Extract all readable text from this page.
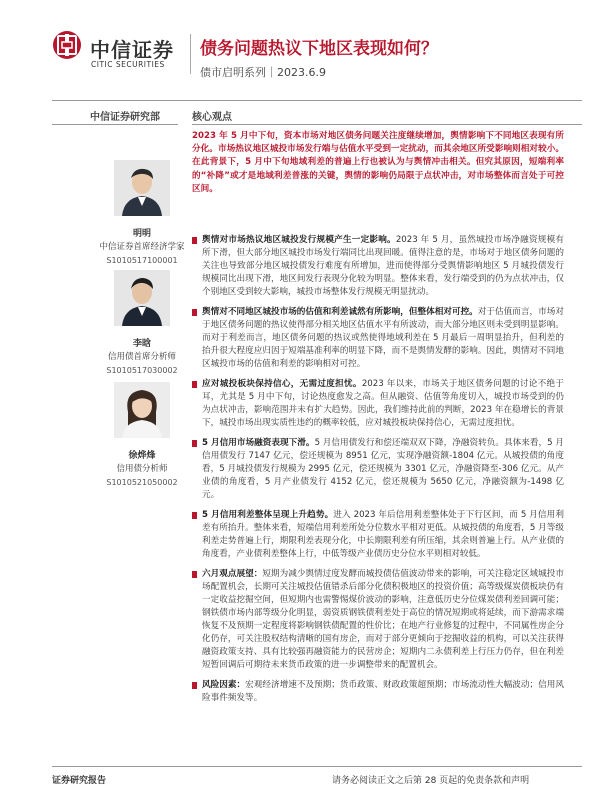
中信证券
CITIC SECURITIES
债务问题热议下地区表现如何？
债市启明系列｜2023.6.9
中信证券研究部	核心观点
2023 年 5 月中下旬，资本市场对地区债务问题关注度继续增加，舆情影响下不同地区表现有所分化。市场热议地区城投市场发行端与估值水平受到一定扰动，而其余地区所受影响则相对较小。在此背景下，5 月中下旬地域利差的普遍上行也被认为与舆情冲击相关。但究其原因，短端利率的“补降”或才是地域利差普涨的关键，舆情的影响仍局限于点状冲击，对市场整体而言处于可控区间。
舆情对市场热议地区城投发行规模产生一定影响。2023 年 5 月，虽然城投市场净融资规模有所下滑，但大部分地区城投市场发行端同比出现回暖。值得注意的是，市场对于地区债务问题的关注也导致部分地区城投债发行难度有所增加，进而使得部分受舆情影响地区 5 月城投债发行规模同比出现下滑，地区间发行表现分化较为明显。整体来看，发行端受到的仍为点状冲击，仅个别地区受到较大影响，城投市场整体发行规模无明显扰动。
舆情对不同地区城投市场的估值和利差诚然有所影响，但整体相对可控。对于估值而言，市场对于地区债务问题的热议使得部分相关地区估值水平有所波动，而大部分地区则未受到明显影响。而对于利差而言，地区债务问题的热议或然使得地域利差在 5 月最后一周明显抬升，但利差的抬升很大程度应归因于短端基准利率的明显下降，而不是舆情发酵的影响。因此，舆情对不同地区城投市场的估值和利差的影响相对可控。
应对城投板块保持信心，无需过度担忧。2023 年以来，市场关于地区债务问题的讨论不绝于耳，尤其是 5 月中下旬，讨论热度愈发之高。但从融资、估值等角度切入，城投市场受到的仍为点状冲击，影响范围并未有扩大趋势。因此，我们维持此前的判断，2023 年在稳增长的背景下，城投市场出现实质性违约的概率较低，应对城投板块保持信心，无需过度担忧。
5 月信用市场融资表现下滑。5 月信用债发行和偿还端双双下降，净融资转负。具体来看，5 月信用债发行 7147 亿元，偿还规模为 8951 亿元，实现净融资额-1804 亿元。从城投债的角度看，5 月城投债发行规模为 2995 亿元，偿还规模为 3301 亿元，净融资降至-306 亿元。从产业债的角度看，5 月产业债发行 4152 亿元，偿还规模为 5650 亿元，净融资额为-1498 亿元。
5 月信用利差整体呈现上升趋势。进入 2023 年后信用利差整体处于下行区间，而 5 月信用利差有所抬升。整体来看，短端信用利差所处分位数水平相对更低。从城投债的角度看，5 月等级利差走势普遍上行，期限利差表现分化，中长期限利差有所压缩，其余则普遍上行。从产业债的角度看，产业债利差整体上行，中低等级产业债历史分位水平则相对较低。
六月观点展望：短期为减少舆情过度发酵而城投债估值波动带来的影响，可关注稳定区域城投市场配置机会，长期可关注城投估值错杀后部分化债积极地区的投资价值；高等级煤炭债板块仍有一定收益挖掘空间，但短期内也需警惕煤价波动的影响，注意低历史分位煤炭债利差回调可能；钢铁债市场内部等级分化明显，弱资质钢铁债利差处于高位的情况短期或将延续，而下游需求端恢复不及预期一定程度将影响钢铁债配置的性价比；在地产行业修复的过程中，不同属性房企分化仍存，可关注股权结构清晰的国有房企，而对于部分更倾向于挖掘收益的机构，可以关注获得融资政策支持、具有比较强再融资能力的民营房企；短期内二永债利差上行压力仍存，但在利差短暂回调后可期待未来货币政策的进一步调整带来的配置机会。
风险因素：宏观经济增速不及预期；货币政策、财政政策超预期；市场流动性大幅波动；信用风险事件频发等。
明明
中信证券首席经济学家
S1010517100001
李晗
信用债首席分析师
S1010517030002
徐烨烽
信用债分析师
S1010521050002
证券研究报告	请务必阅读正文之后第 28 页起的免责条款和声明
